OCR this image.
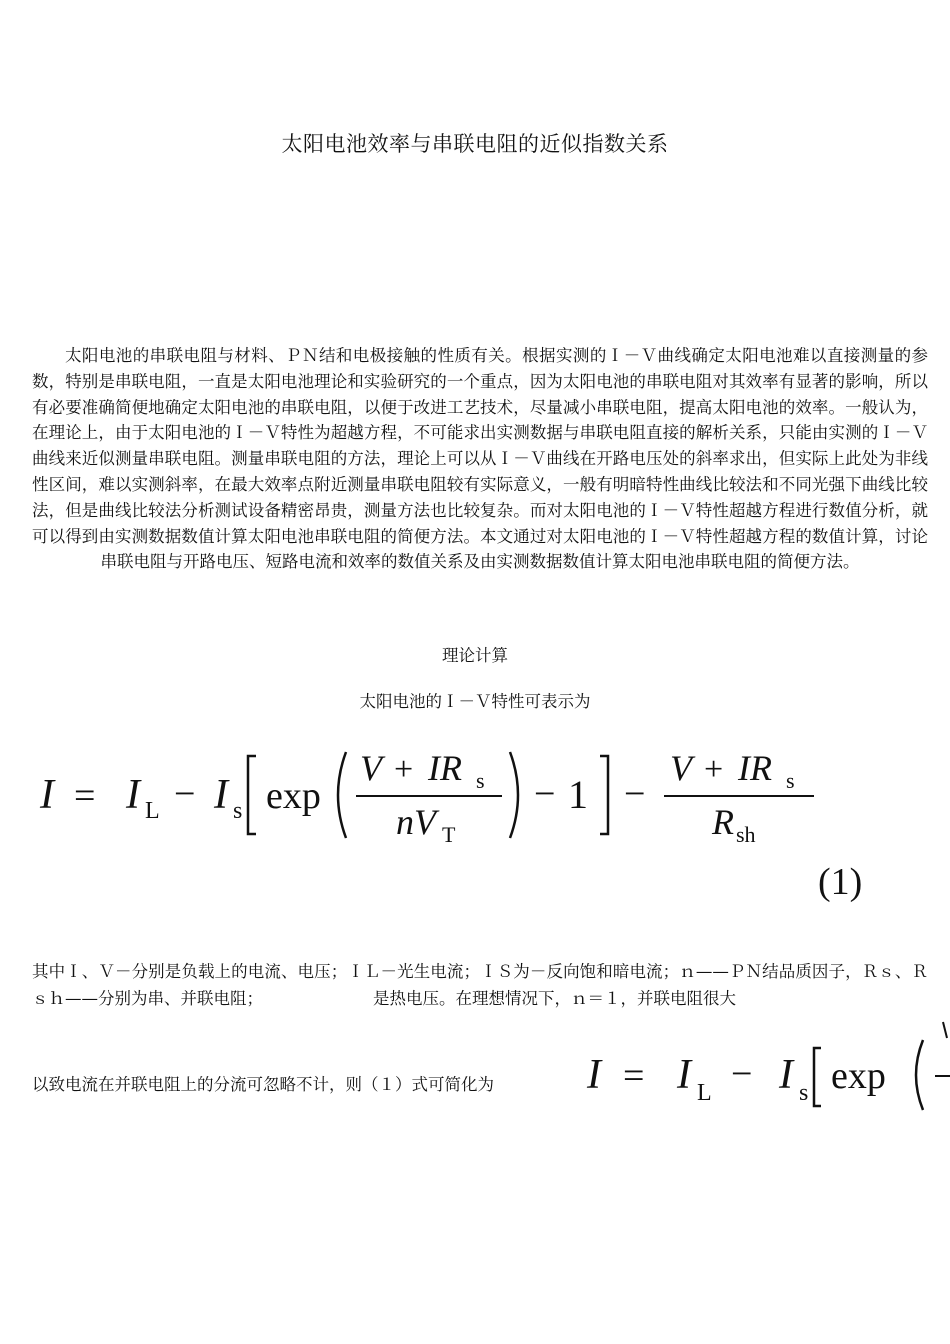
太阳电池效率与串联电阻的近似指数关系
太阳电池的串联电阻与材料、ＰＮ结和电极接触的性质有关。根据实测的Ｉ－Ｖ曲线确定太阳电池难以直接测量的参数，特别是串联电阻，一直是太阳电池理论和实验研究的一个重点，因为太阳电池的串联电阻对其效率有显著的影响，所以有必要准确简便地确定太阳电池的串联电阻，以便于改进工艺技术，尽量减小串联电阻，提高太阳电池的效率。一般认为，在理论上，由于太阳电池的Ｉ－Ｖ特性为超越方程，不可能求出实测数据与串联电阻直接的解析关系，只能由实测的Ｉ－Ｖ曲线来近似测量串联电阻。测量串联电阻的方法，理论上可以从Ｉ－Ｖ曲线在开路电压处的斜率求出，但实际上此处为非线性区间，难以实测斜率，在最大效率点附近测量串联电阻较有实际意义，一般有明暗特性曲线比较法和不同光强下曲线比较法，但是曲线比较法分析测试设备精密昂贵，测量方法也比较复杂。而对太阳电池的Ｉ－Ｖ特性超越方程进行数值分析，就可以得到由实测数据数值计算太阳电池串联电阻的简便方法。本文通过对太阳电池的Ｉ－Ｖ特性超越方程的数值计算，讨论串联电阻与开路电压、短路电流和效率的数值关系及由实测数据数值计算太阳电池串联电阻的简便方法。
理论计算
太阳电池的Ｉ－Ｖ特性可表示为
I = I L − I s exp
V + IR s
nV T
− 1 −
V + IR s
R sh
(1)
其中Ｉ、Ｖ－分别是负载上的电流、电压；ＩＬ－光生电流；ＩＳ为－反向饱和暗电流；ｎ——ＰＮ结品质因子，Ｒｓ、Ｒｓｈ——分别为串、并联电阻；	是热电压。在理想情况下，ｎ＝１，并联电阻很大
以致电流在并联电阻上的分流可忽略不计，则（１）式可简化为 I = I L − I s exp
